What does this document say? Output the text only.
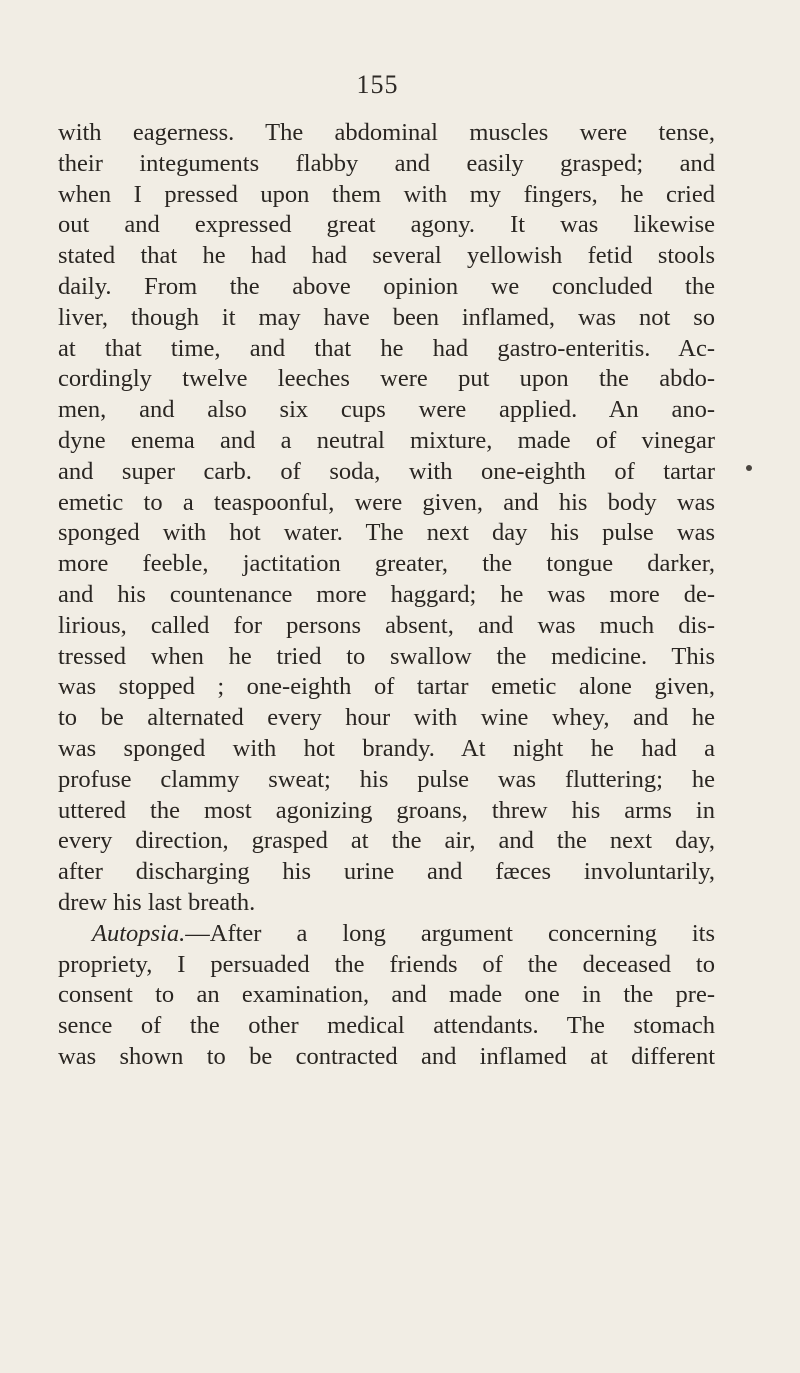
155
with eagerness. The abdominal muscles were tense,
their integuments flabby and easily grasped; and
when I pressed upon them with my fingers, he cried
out and expressed great agony. It was likewise
stated that he had had several yellowish fetid stools
daily. From the above opinion we concluded the
liver, though it may have been inflamed, was not so
at that time, and that he had gastro-enteritis. Ac-
cordingly twelve leeches were put upon the abdo-
men, and also six cups were applied. An ano-
dyne enema and a neutral mixture, made of vinegar
and super carb. of soda, with one-eighth of tartar
emetic to a teaspoonful, were given, and his body was
sponged with hot water. The next day his pulse was
more feeble, jactitation greater, the tongue darker,
and his countenance more haggard; he was more de-
lirious, called for persons absent, and was much dis-
tressed when he tried to swallow the medicine. This
was stopped ; one-eighth of tartar emetic alone given,
to be alternated every hour with wine whey, and he
was sponged with hot brandy. At night he had a
profuse clammy sweat; his pulse was fluttering; he
uttered the most agonizing groans, threw his arms in
every direction, grasped at the air, and the next day,
after discharging his urine and fæces involuntarily,
drew his last breath.
Autopsia.—After a long argument concerning its
propriety, I persuaded the friends of the deceased to
consent to an examination, and made one in the pre-
sence of the other medical attendants. The stomach
was shown to be contracted and inflamed at different
